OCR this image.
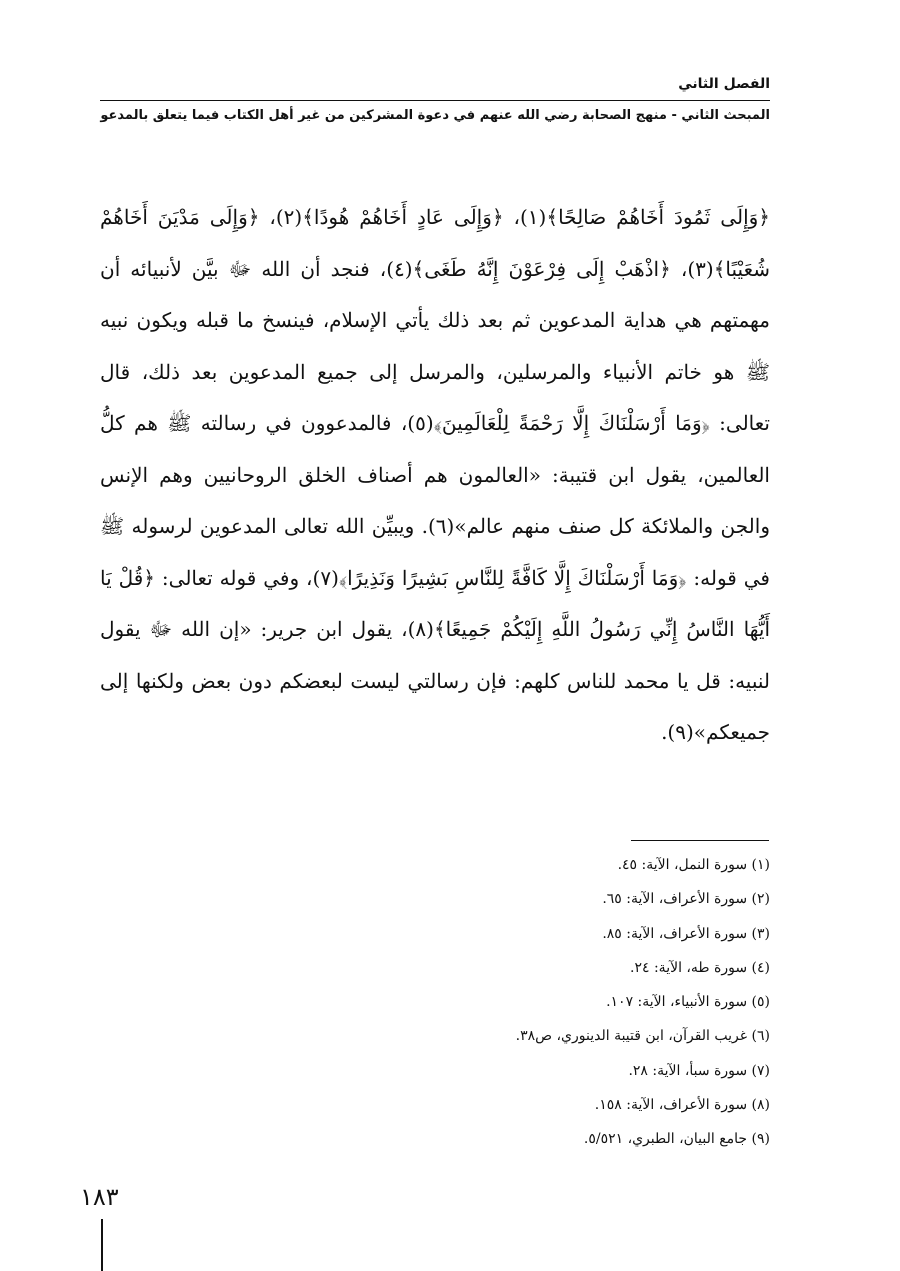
الفصل الثاني
المبحث الثاني - منهج الصحابة رضي الله عنهم في دعوة المشركين من غير أهل الكتاب فيما يتعلق بالمدعو
﴿وَإِلَى ثَمُودَ أَخَاهُمْ صَالِحًا﴾(١)، ﴿وَإِلَى عَادٍ أَخَاهُمْ هُودًا﴾(٢)، ﴿وَإِلَى مَدْيَنَ أَخَاهُمْ شُعَيْبًا﴾(٣)، ﴿اذْهَبْ إِلَى فِرْعَوْنَ إِنَّهُ طَغَى﴾(٤)، فنجد أن الله ﷻ بيَّن لأنبيائه أن مهمتهم هي هداية المدعوين ثم بعد ذلك يأتي الإسلام، فينسخ ما قبله ويكون نبيه ﷺ هو خاتم الأنبياء والمرسلين، والمرسل إلى جميع المدعوين بعد ذلك، قال تعالى: ﴿وَمَا أَرْسَلْنَاكَ إِلَّا رَحْمَةً لِلْعَالَمِينَ﴾(٥)، فالمدعوون في رسالته ﷺ هم كلُّ العالمين، يقول ابن قتيبة: «العالمون هم أصناف الخلق الروحانيين وهم الإنس والجن والملائكة كل صنف منهم عالم»(٦). ويبيِّن الله تعالى المدعوين لرسوله ﷺ في قوله: ﴿وَمَا أَرْسَلْنَاكَ إِلَّا كَافَّةً لِلنَّاسِ بَشِيرًا وَنَذِيرًا﴾(٧)، وفي قوله تعالى: ﴿قُلْ يَا أَيُّهَا النَّاسُ إِنِّي رَسُولُ اللَّهِ إِلَيْكُمْ جَمِيعًا﴾(٨)، يقول ابن جرير: «إن الله ﷻ يقول لنبيه: قل يا محمد للناس كلهم: فإن رسالتي ليست لبعضكم دون بعض ولكنها إلى جميعكم»(٩).
(١) سورة النمل، الآية: ٤٥.
(٢) سورة الأعراف، الآية: ٦٥.
(٣) سورة الأعراف، الآية: ٨٥.
(٤) سورة طه، الآية: ٢٤.
(٥) سورة الأنبياء، الآية: ١٠٧.
(٦) غريب القرآن، ابن قتيبة الدينوري، ص٣٨.
(٧) سورة سبأ، الآية: ٢٨.
(٨) سورة الأعراف، الآية: ١٥٨.
(٩) جامع البيان، الطبري، ٥/٥٢١.
١٨٣
